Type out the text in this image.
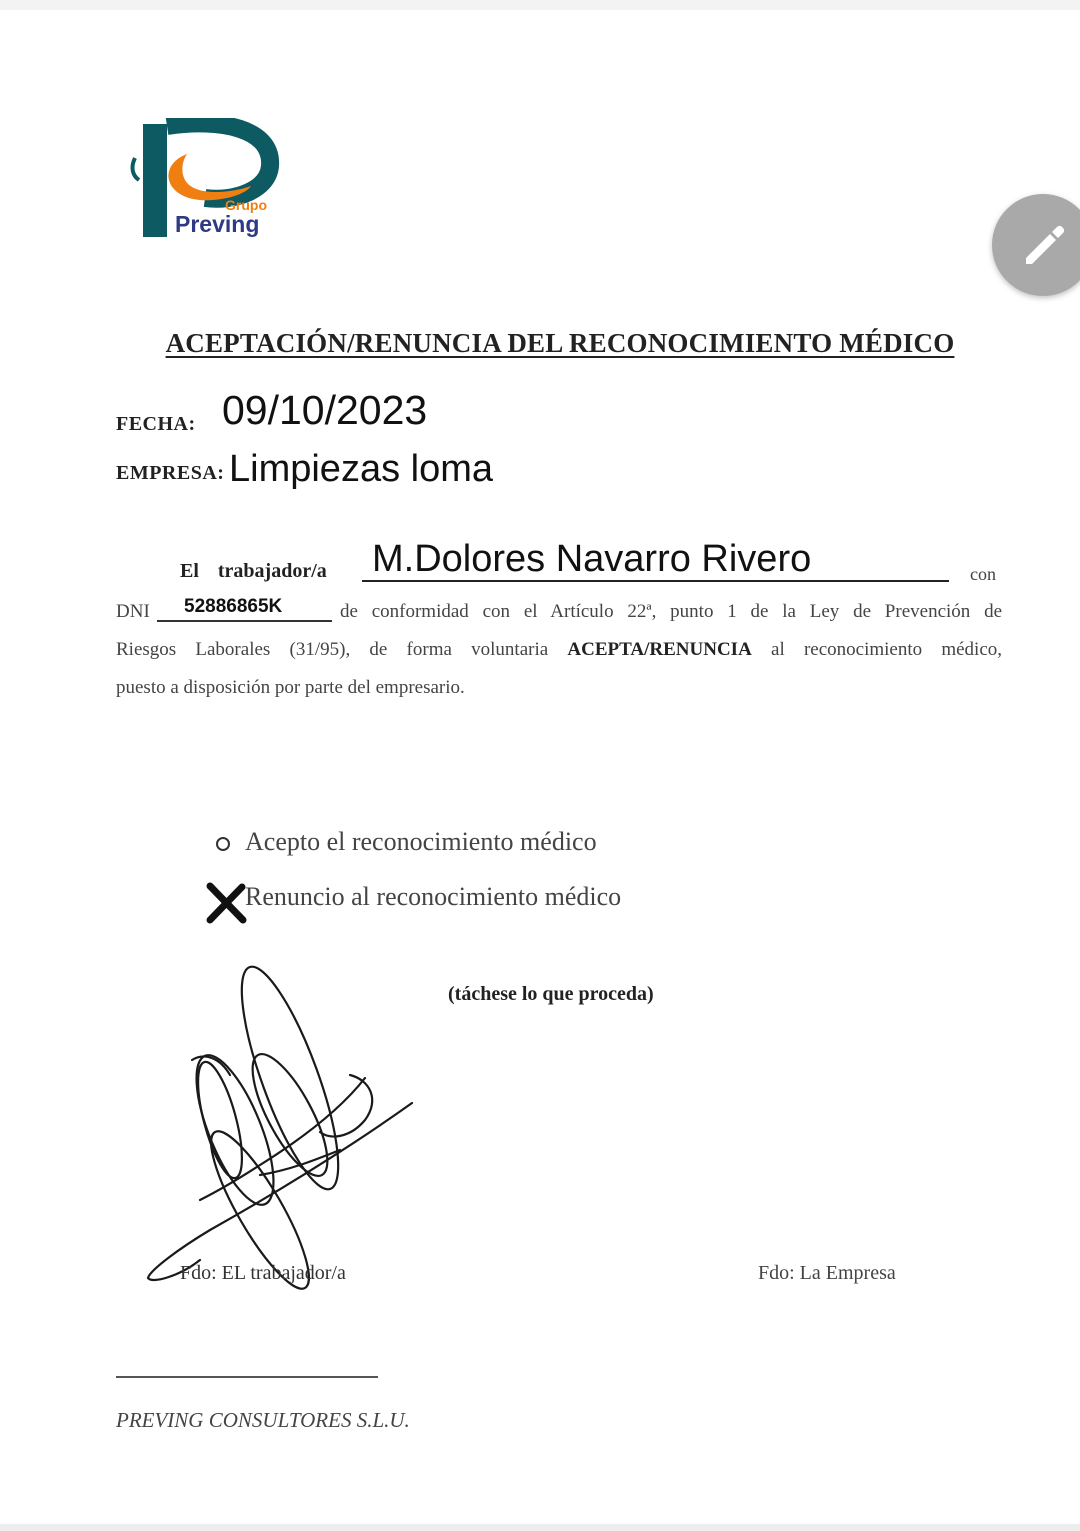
Grupo
Preving
ACEPTACIÓN/RENUNCIA DEL RECONOCIMIENTO MÉDICO
FECHA: 09/10/2023
EMPRESA: Limpiezas loma
El trabajador/a M.Dolores Navarro Rivero	con
DNI 52886865K	de conformidad con el Artículo 22ª, punto 1 de la Ley de Prevención de
Riesgos Laborales (31/95), de forma voluntaria ACEPTA/RENUNCIA al reconocimiento médico,
puesto a disposición por parte del empresario.
Acepto el reconocimiento médico
Renuncio al reconocimiento médico
(táchese lo que proceda)
Fdo: EL trabajador/a	Fdo: La Empresa
PREVING CONSULTORES S.L.U.
